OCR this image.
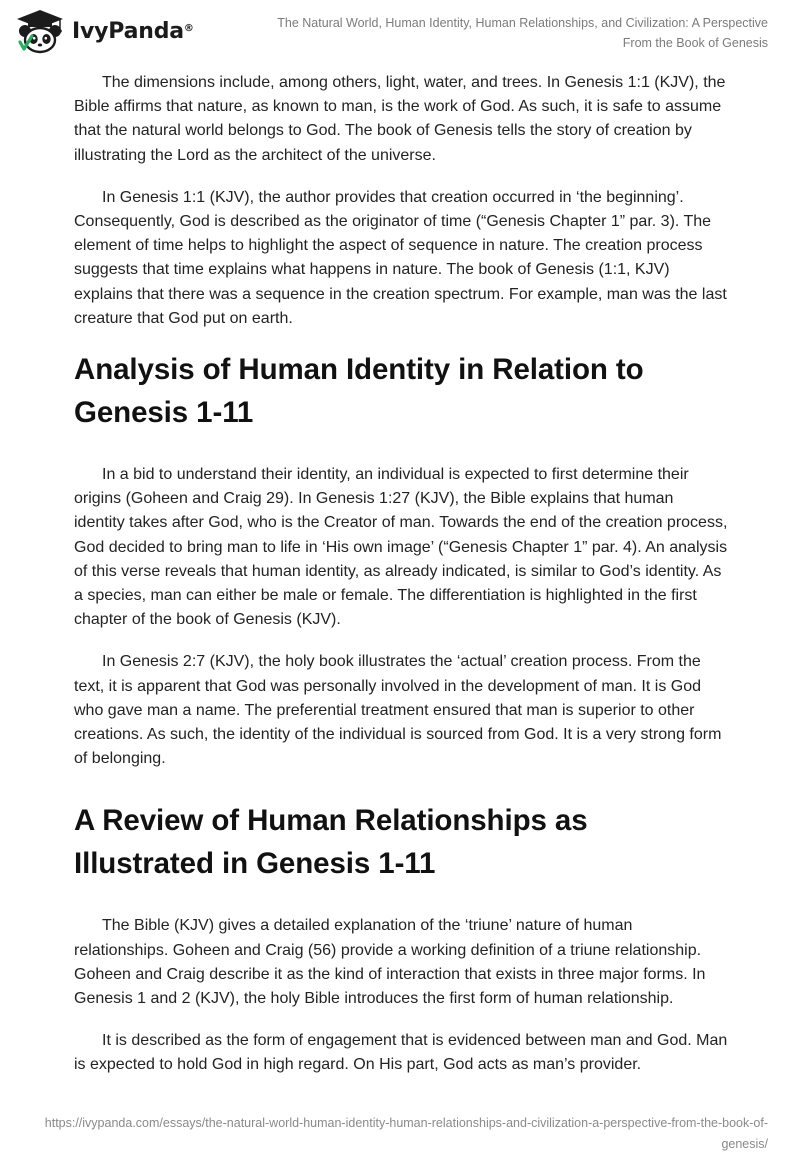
IvyPanda®	The Natural World, Human Identity, Human Relationships, and Civilization: A Perspective From the Book of Genesis

The dimensions include, among others, light, water, and trees. In Genesis 1:1 (KJV), the Bible affirms that nature, as known to man, is the work of God. As such, it is safe to assume that the natural world belongs to God. The book of Genesis tells the story of creation by illustrating the Lord as the architect of the universe.

In Genesis 1:1 (KJV), the author provides that creation occurred in ‘the beginning’. Consequently, God is described as the originator of time (“Genesis Chapter 1” par. 3). The element of time helps to highlight the aspect of sequence in nature. The creation process suggests that time explains what happens in nature. The book of Genesis (1:1, KJV) explains that there was a sequence in the creation spectrum. For example, man was the last creature that God put on earth.

Analysis of Human Identity in Relation to Genesis 1-11

In a bid to understand their identity, an individual is expected to first determine their origins (Goheen and Craig 29). In Genesis 1:27 (KJV), the Bible explains that human identity takes after God, who is the Creator of man. Towards the end of the creation process, God decided to bring man to life in ‘His own image’ (“Genesis Chapter 1” par. 4). An analysis of this verse reveals that human identity, as already indicated, is similar to God’s identity. As a species, man can either be male or female. The differentiation is highlighted in the first chapter of the book of Genesis (KJV).

In Genesis 2:7 (KJV), the holy book illustrates the ‘actual’ creation process. From the text, it is apparent that God was personally involved in the development of man. It is God who gave man a name. The preferential treatment ensured that man is superior to other creations. As such, the identity of the individual is sourced from God. It is a very strong form of belonging.

A Review of Human Relationships as Illustrated in Genesis 1-11

The Bible (KJV) gives a detailed explanation of the ‘triune’ nature of human relationships. Goheen and Craig (56) provide a working definition of a triune relationship. Goheen and Craig describe it as the kind of interaction that exists in three major forms. In Genesis 1 and 2 (KJV), the holy Bible introduces the first form of human relationship.

It is described as the form of engagement that is evidenced between man and God. Man is expected to hold God in high regard. On His part, God acts as man’s provider.

https://ivypanda.com/essays/the-natural-world-human-identity-human-relationships-and-civilization-a-perspective-from-the-book-of-genesis/
